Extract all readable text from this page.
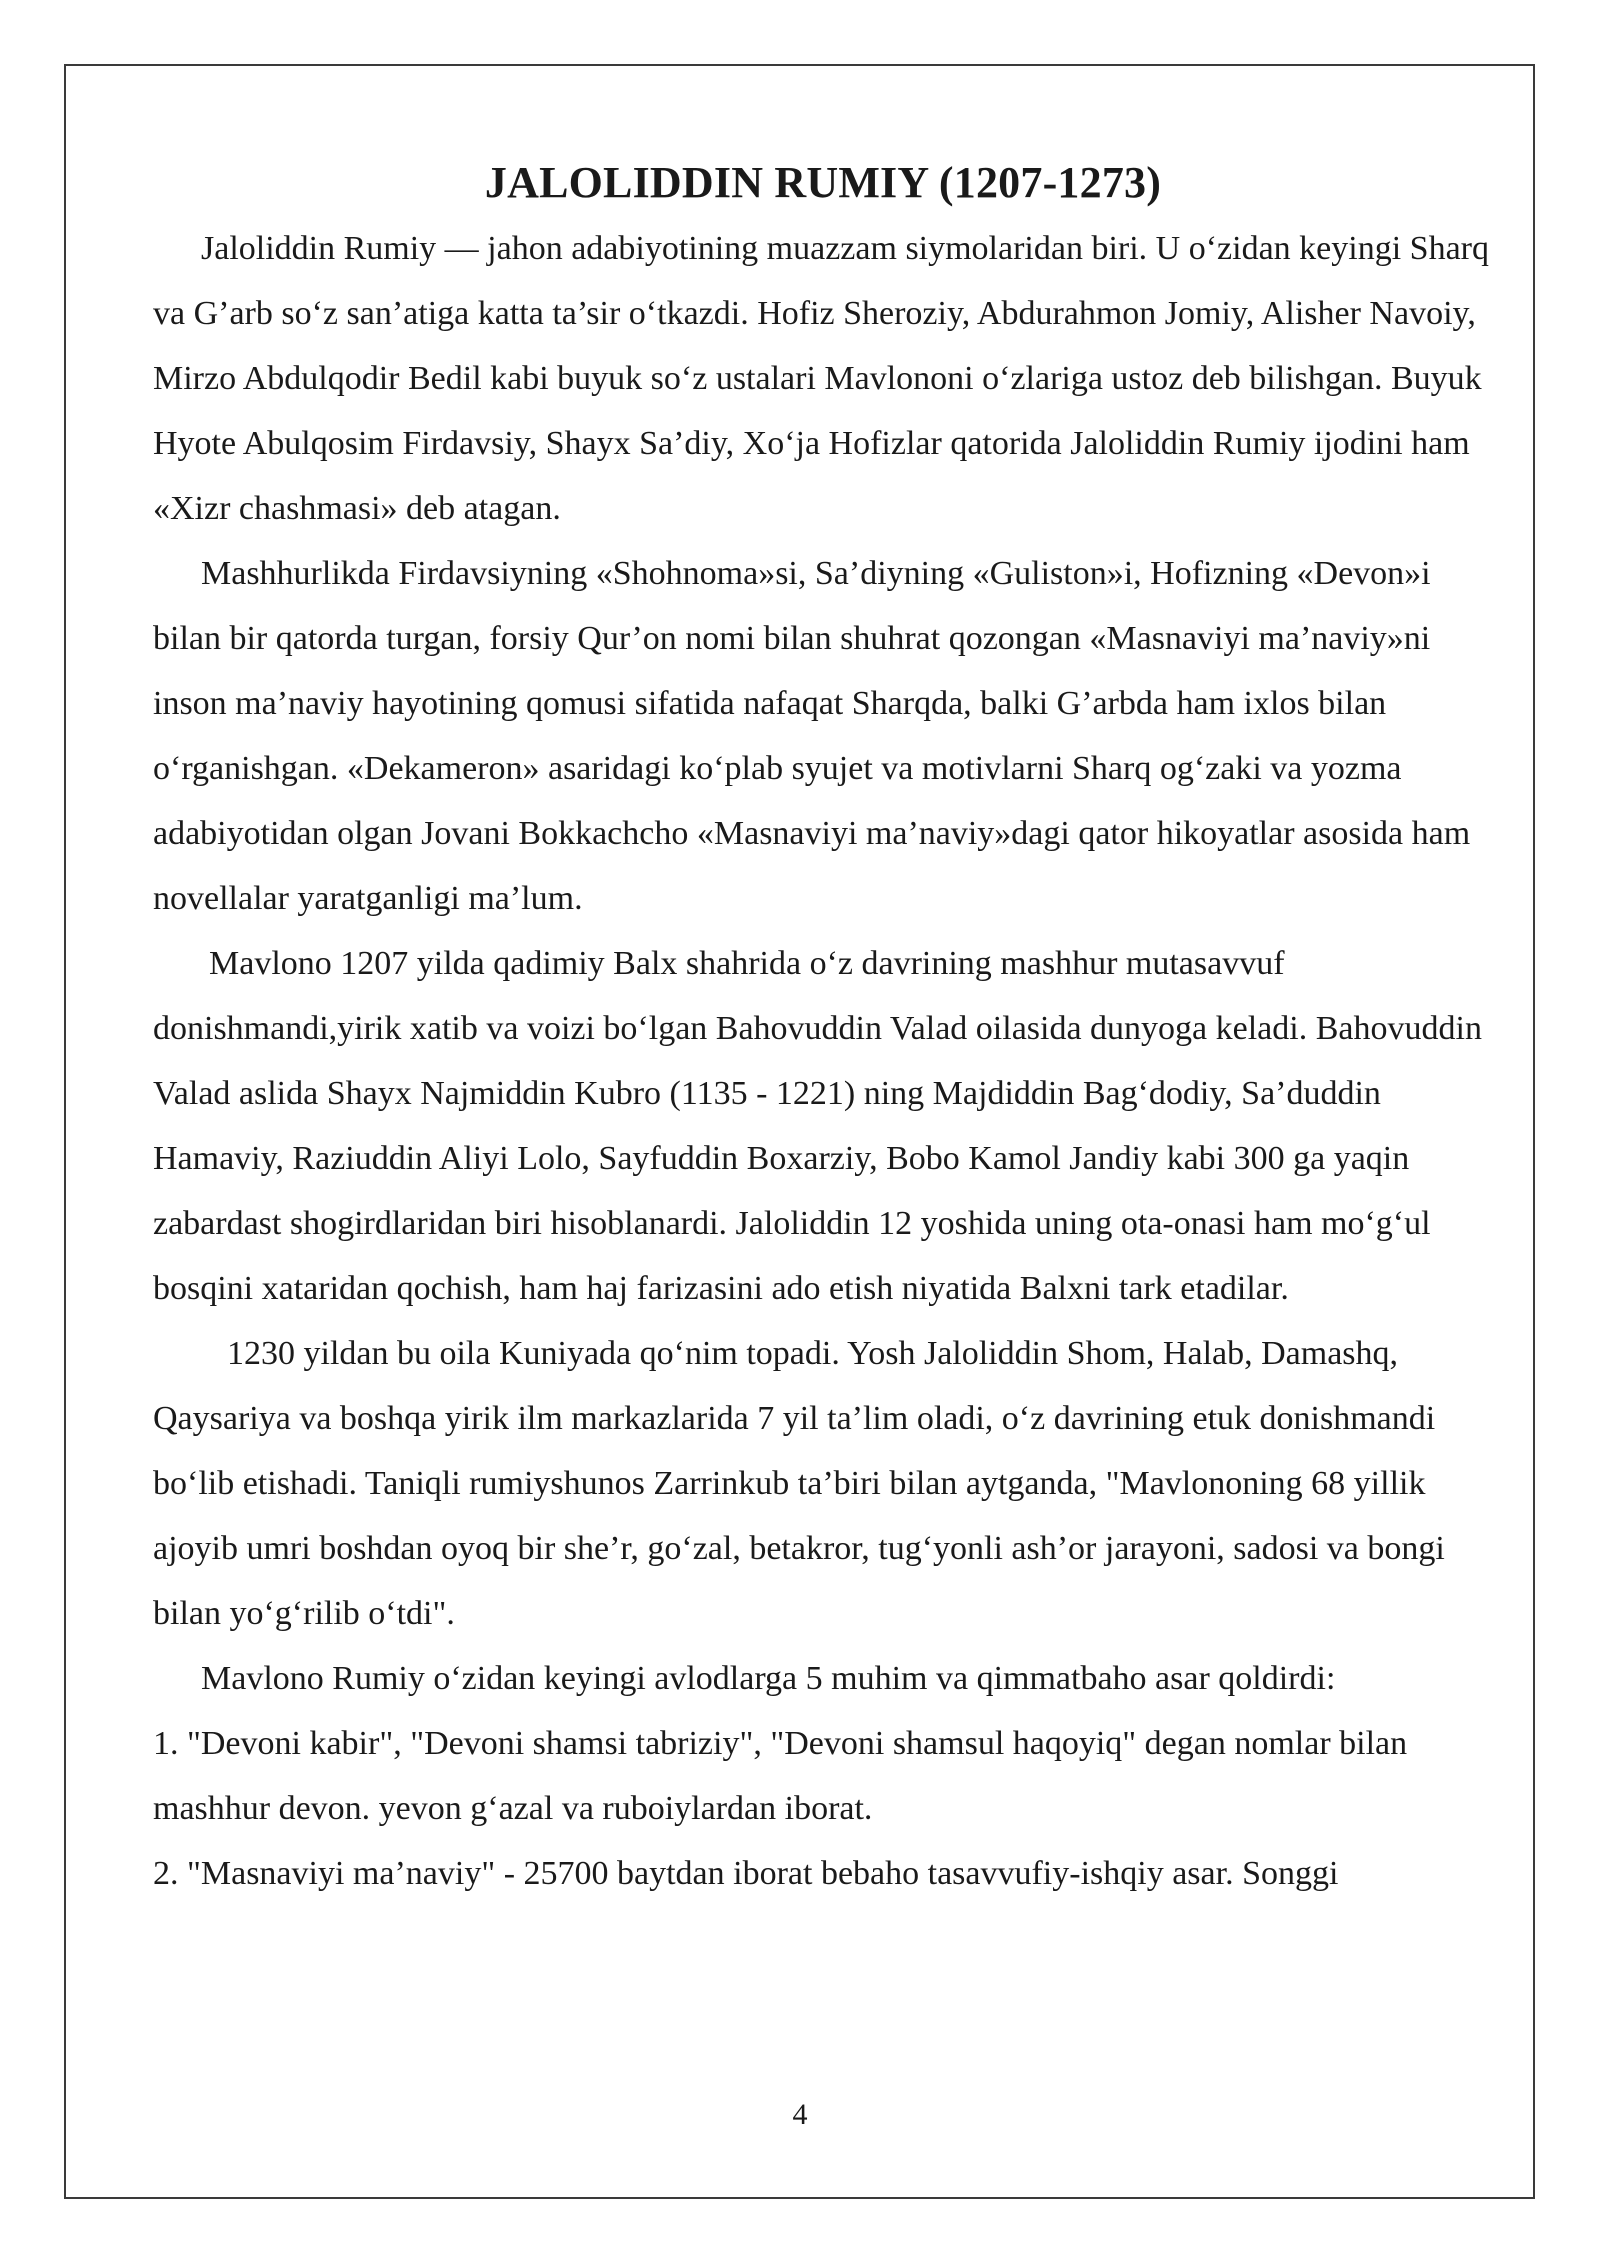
JALOLIDDIN RUMIY (1207-1273)

Jaloliddin Rumiy — jahon adabiyotining muazzam siymolaridan biri. U o‘zidan keyingi Sharq va G’arb so‘z san’atiga katta ta’sir o‘tkazdi. Hofiz Sheroziy, Abdurahmon Jomiy, Alisher Navoiy, Mirzo Abdulqodir Bedil kabi buyuk so‘z ustalari Mavlononi o‘zlariga ustoz deb bilishgan. Buyuk Hyote Abulqosim Firdavsiy, Shayx Sa’diy, Xo‘ja Hofizlar qatorida Jaloliddin Rumiy ijodini ham «Xizr chashmasi» deb atagan.

Mashhurlikda Firdavsiyning «Shohnoma»si, Sa’diyning «Guliston»i, Hofizning «Devon»i bilan bir qatorda turgan, forsiy Qur’on nomi bilan shuhrat qozongan «Masnaviyi ma’naviy»ni inson ma’naviy hayotining qomusi sifatida nafaqat Sharqda, balki G’arbda ham ixlos bilan o‘rganishgan. «Dekameron» asaridagi ko‘plab syujet va motivlarni Sharq og‘zaki va yozma adabiyotidan olgan Jovani Bokkachcho «Masnaviyi ma’naviy»dagi qator hikoyatlar asosida ham novellalar yaratganligi ma’lum.

Mavlono 1207 yilda qadimiy Balx shahrida o‘z davrining mashhur mutasavvuf donishmandi,yirik xatib va voizi bo‘lgan Bahovuddin Valad oilasida dunyoga keladi. Bahovuddin Valad aslida Shayx Najmiddin Kubro (1135 - 1221) ning Majdiddin Bag‘dodiy, Sa’duddin Hamaviy, Raziuddin Aliyi Lolo, Sayfuddin Boxarziy, Bobo Kamol Jandiy kabi 300 ga yaqin zabardast shogirdlaridan biri hisoblanardi. Jaloliddin 12 yoshida uning ota-onasi ham mo‘g‘ul bosqini xataridan qochish, ham haj farizasini ado etish niyatida Balxni tark etadilar.

1230 yildan bu oila Kuniyada qo‘nim topadi. Yosh Jaloliddin Shom, Halab, Damashq, Qaysariya va boshqa yirik ilm markazlarida 7 yil ta’lim oladi, o‘z davrining etuk donishmandi bo‘lib etishadi. Taniqli rumiyshunos Zarrinkub ta’biri bilan aytganda, "Mavlononing 68 yillik ajoyib umri boshdan oyoq bir she’r, go‘zal, betakror, tug‘yonli ash’or jarayoni, sadosi va bongi bilan yo‘g‘rilib o‘tdi".

Mavlono Rumiy o‘zidan keyingi avlodlarga 5 muhim va qimmatbaho asar qoldirdi:

1. "Devoni kabir", "Devoni shamsi tabriziy", "Devoni shamsul haqoyiq" degan nomlar bilan mashhur devon. yevon g‘azal va ruboiylardan iborat.

2. "Masnaviyi ma’naviy" - 25700 baytdan iborat bebaho tasavvufiy-ishqiy asar. Songgi

4
